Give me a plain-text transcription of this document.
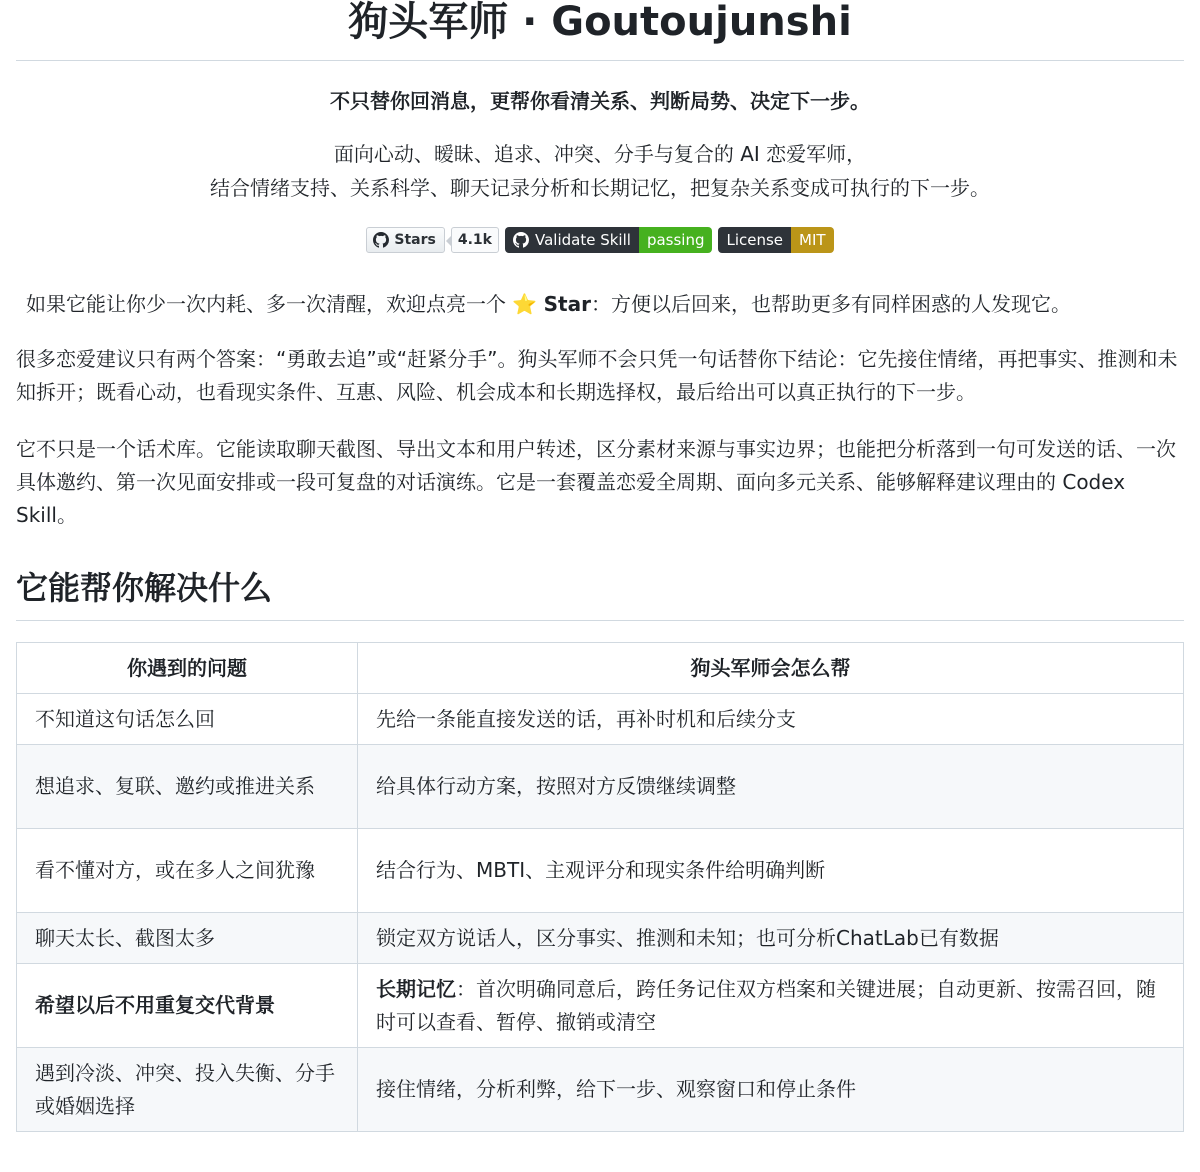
狗头军师 · Goutoujunshi
不只替你回消息，更帮你看清关系、判断局势、决定下一步。
面向心动、暧昧、追求、冲突、分手与复合的 AI 恋爱军师，
结合情绪支持、关系科学、聊天记录分析和长期记忆，把复杂关系变成可执行的下一步。
Stars	4.1k	Validate Skill	passing	License	MIT
如果它能让你少一次内耗、多一次清醒，欢迎点亮一个 ⭐ Star：方便以后回来，也帮助更多有同样困惑的人发现它。

很多恋爱建议只有两个答案：“勇敢去追”或“赶紧分手”。狗头军师不会只凭一句话替你下结论：它先接住情绪，再把事实、推测和未知拆开；既看心动，也看现实条件、互惠、风险、机会成本和长期选择权，最后给出可以真正执行的下一步。

它不只是一个话术库。它能读取聊天截图、导出文本和用户转述，区分素材来源与事实边界；也能把分析落到一句可发送的话、一次具体邀约、第一次见面安排或一段可复盘的对话演练。它是一套覆盖恋爱全周期、面向多元关系、能够解释建议理由的 Codex Skill。

它能帮你解决什么
你遇到的问题	狗头军师会怎么帮
不知道这句话怎么回	先给一条能直接发送的话，再补时机和后续分支
想追求、复联、邀约或推进关系	给具体行动方案，按照对方反馈继续调整
看不懂对方，或在多人之间犹豫	结合行为、MBTI、主观评分和现实条件给明确判断
聊天太长、截图太多	锁定双方说话人，区分事实、推测和未知；也可分析ChatLab已有数据
希望以后不用重复交代背景	长期记忆：首次明确同意后，跨任务记住双方档案和关键进展；自动更新、按需召回，随时可以查看、暂停、撤销或清空
遇到冷淡、冲突、投入失衡、分手或婚姻选择	接住情绪，分析利弊，给下一步、观察窗口和停止条件
